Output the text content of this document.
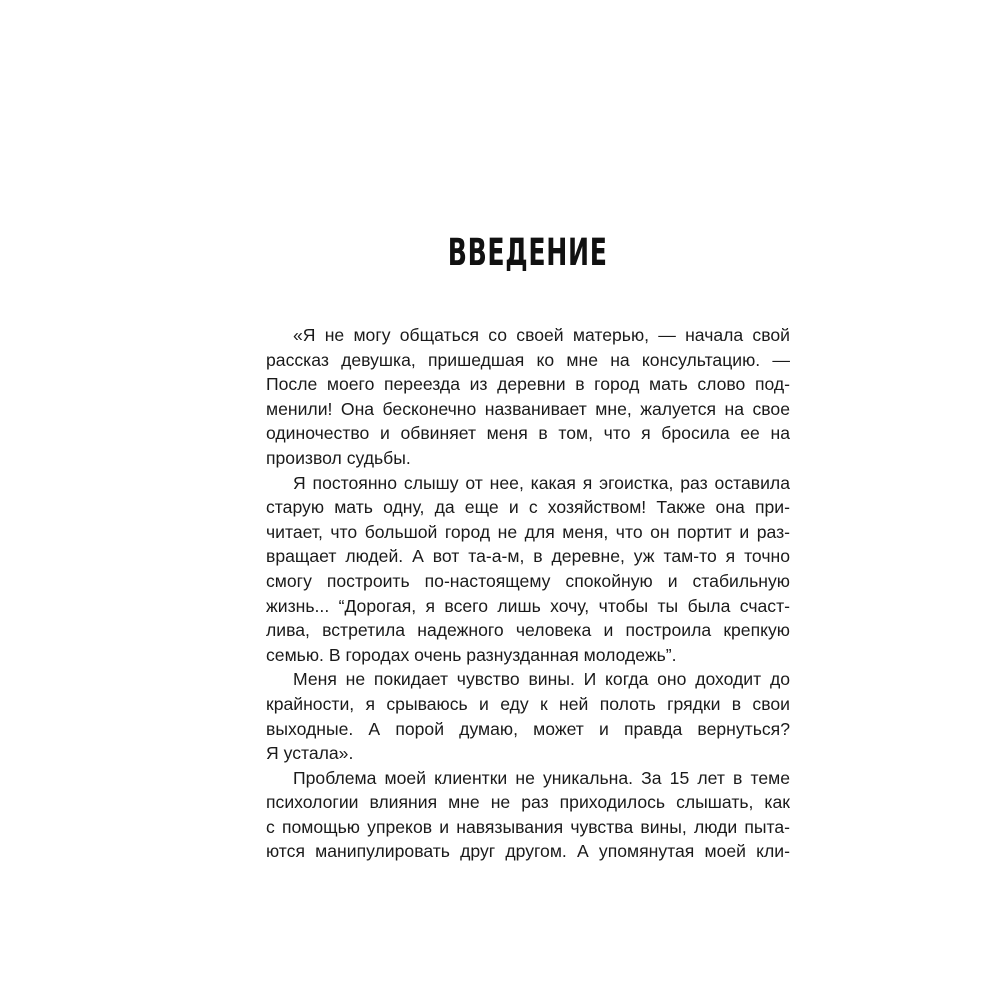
ВВЕДЕНИЕ
«Я не могу общаться со своей матерью, — начала свой
рассказ девушка, пришедшая ко мне на консультацию. —
После моего переезда из деревни в город мать слово под-
менили! Она бесконечно названивает мне, жалуется на свое
одиночество и обвиняет меня в том, что я бросила ее на
произвол судьбы.
Я постоянно слышу от нее, какая я эгоистка, раз оставила
старую мать одну, да еще и с хозяйством! Также она при-
читает, что большой город не для меня, что он портит и раз-
вращает людей. А вот та-а-м, в деревне, уж там-то я точно
смогу построить по-настоящему спокойную и стабильную
жизнь... “Дорогая, я всего лишь хочу, чтобы ты была счаст-
лива, встретила надежного человека и построила крепкую
семью. В городах очень разнузданная молодежь”.
Меня не покидает чувство вины. И когда оно доходит до
крайности, я срываюсь и еду к ней полоть грядки в свои
выходные. А порой думаю, может и правда вернуться?
Я устала».
Проблема моей клиентки не уникальна. За 15 лет в теме
психологии влияния мне не раз приходилось слышать, как
с помощью упреков и навязывания чувства вины, люди пыта-
ются манипулировать друг другом. А упомянутая моей кли-
